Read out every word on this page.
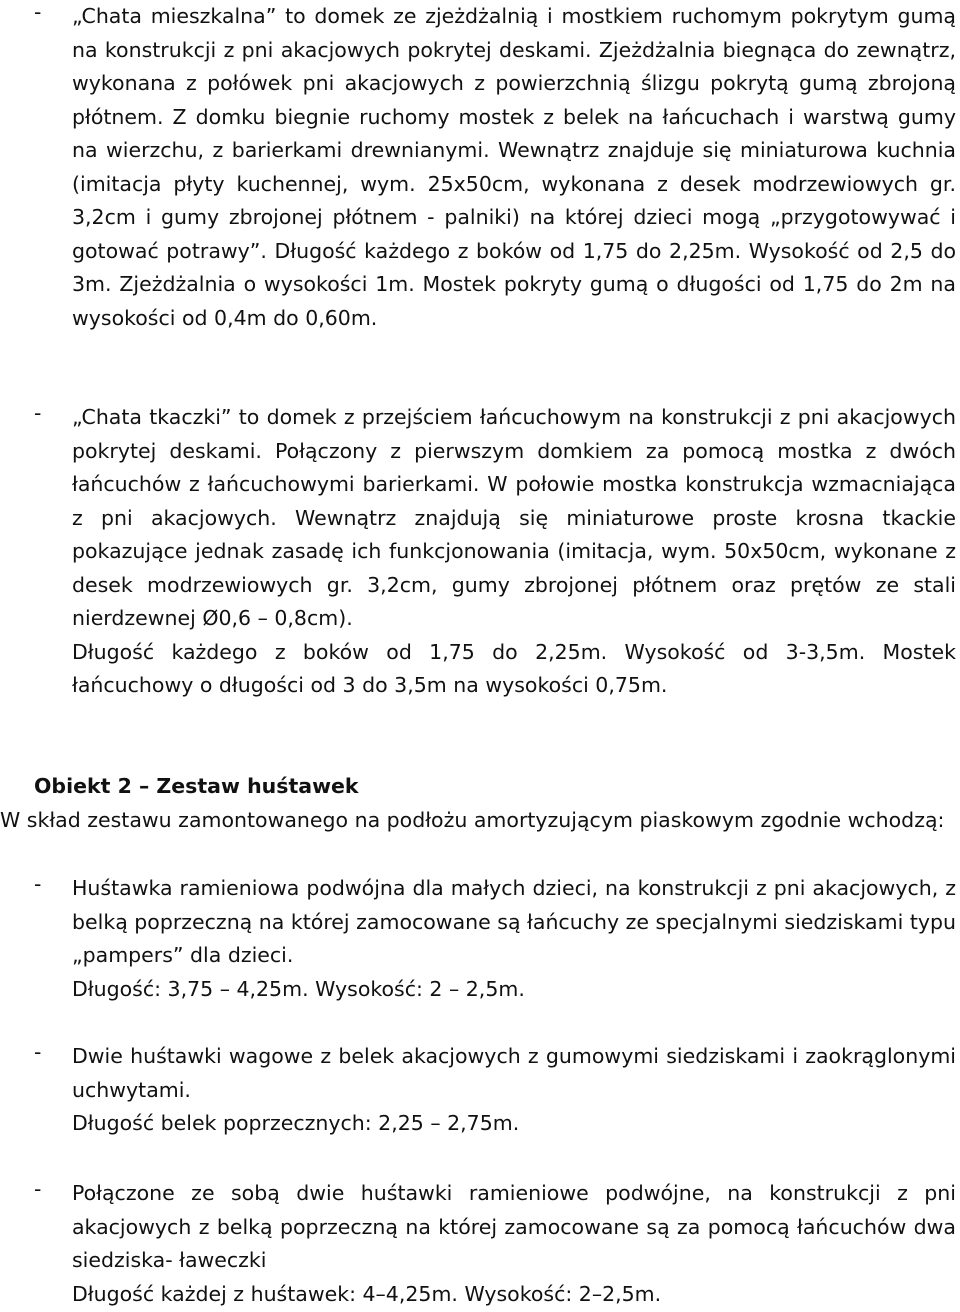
-	„Chata mieszkalna” to domek ze zjeżdżalnią i mostkiem ruchomym pokrytym gumą na konstrukcji z pni akacjowych pokrytej deskami. Zjeżdżalnia biegnąca do zewnątrz, wykonana z połówek pni akacjowych z powierzchnią ślizgu pokrytą gumą zbrojoną płótnem. Z domku biegnie ruchomy mostek z belek na łańcuchach i warstwą gumy na wierzchu, z barierkami drewnianymi. Wewnątrz znajduje się miniaturowa kuchnia (imitacja płyty kuchennej, wym. 25x50cm, wykonana z desek modrzewiowych gr. 3,2cm i gumy zbrojonej płótnem - palniki) na której dzieci mogą „przygotowywać i gotować potrawy”. Długość każdego z boków od 1,75 do 2,25m. Wysokość od 2,5 do 3m. Zjeżdżalnia o wysokości 1m. Mostek pokryty gumą o długości od 1,75 do 2m na wysokości od 0,4m do 0,60m.

-	„Chata tkaczki” to domek z przejściem łańcuchowym na konstrukcji z pni akacjowych pokrytej deskami. Połączony z pierwszym domkiem za pomocą mostka z dwóch łańcuchów z łańcuchowymi barierkami. W połowie mostka konstrukcja wzmacniająca z pni akacjowych. Wewnątrz znajdują się miniaturowe proste krosna tkackie pokazujące jednak zasadę ich funkcjonowania (imitacja, wym. 50x50cm, wykonane z desek modrzewiowych gr. 3,2cm, gumy zbrojonej płótnem oraz prętów ze stali nierdzewnej Ø0,6 – 0,8cm).

Długość każdego z boków od 1,75 do 2,25m. Wysokość od 3-3,5m. Mostek łańcuchowy o długości od 3 do 3,5m na wysokości 0,75m.

Obiekt 2 – Zestaw huśtawek

W skład zestawu zamontowanego na podłożu amortyzującym piaskowym zgodnie wchodzą:

-	Huśtawka ramieniowa podwójna dla małych dzieci, na konstrukcji z pni akacjowych, z belką poprzeczną na której zamocowane są łańcuchy ze specjalnymi siedziskami typu „pampers” dla dzieci.

Długość: 3,75 – 4,25m. Wysokość: 2 – 2,5m.

-	Dwie huśtawki wagowe z belek akacjowych z gumowymi siedziskami i zaokrąglonymi uchwytami.

Długość belek poprzecznych: 2,25 – 2,75m.

-	Połączone ze sobą dwie huśtawki ramieniowe podwójne, na konstrukcji z pni akacjowych z belką poprzeczną na której zamocowane są za pomocą łańcuchów dwa siedziska- ławeczki

Długość każdej z huśtawek: 4–4,25m. Wysokość: 2–2,5m.
